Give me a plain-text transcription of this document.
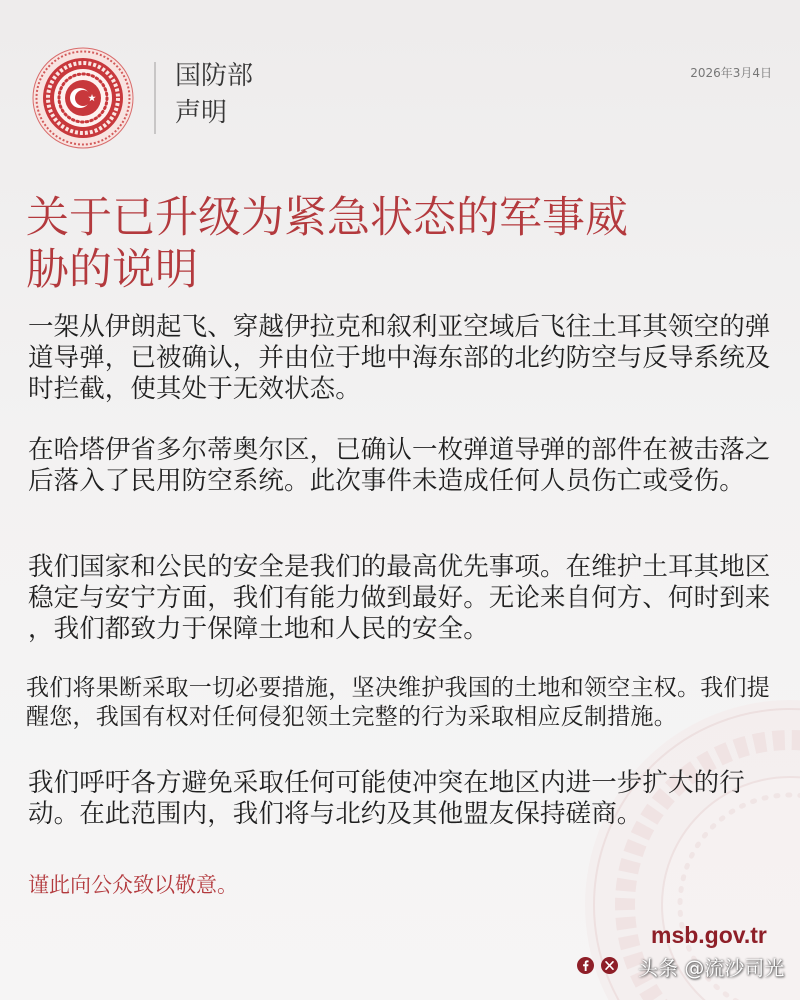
国防部
声明
2026年3月4日
关于已升级为紧急状态的军事威
胁的说明
一架从伊朗起飞、穿越伊拉克和叙利亚空域后飞往土耳其领空的弹
道导弹，已被确认，并由位于地中海东部的北约防空与反导系统及
时拦截，使其处于无效状态。
在哈塔伊省多尔蒂奥尔区，已确认一枚弹道导弹的部件在被击落之
后落入了民用防空系统。此次事件未造成任何人员伤亡或受伤。
我们国家和公民的安全是我们的最高优先事项。在维护土耳其地区
稳定与安宁方面，我们有能力做到最好。无论来自何方、何时到来
，我们都致力于保障土地和人民的安全。
我们将果断采取一切必要措施，坚决维护我国的土地和领空主权。我们提
醒您，我国有权对任何侵犯领土完整的行为采取相应反制措施。
我们呼吁各方避免采取任何可能使冲突在地区内进一步扩大的行
动。在此范围内，我们将与北约及其他盟友保持磋商。
谨此向公众致以敬意。
msb.gov.tr
头条 @流沙司光
